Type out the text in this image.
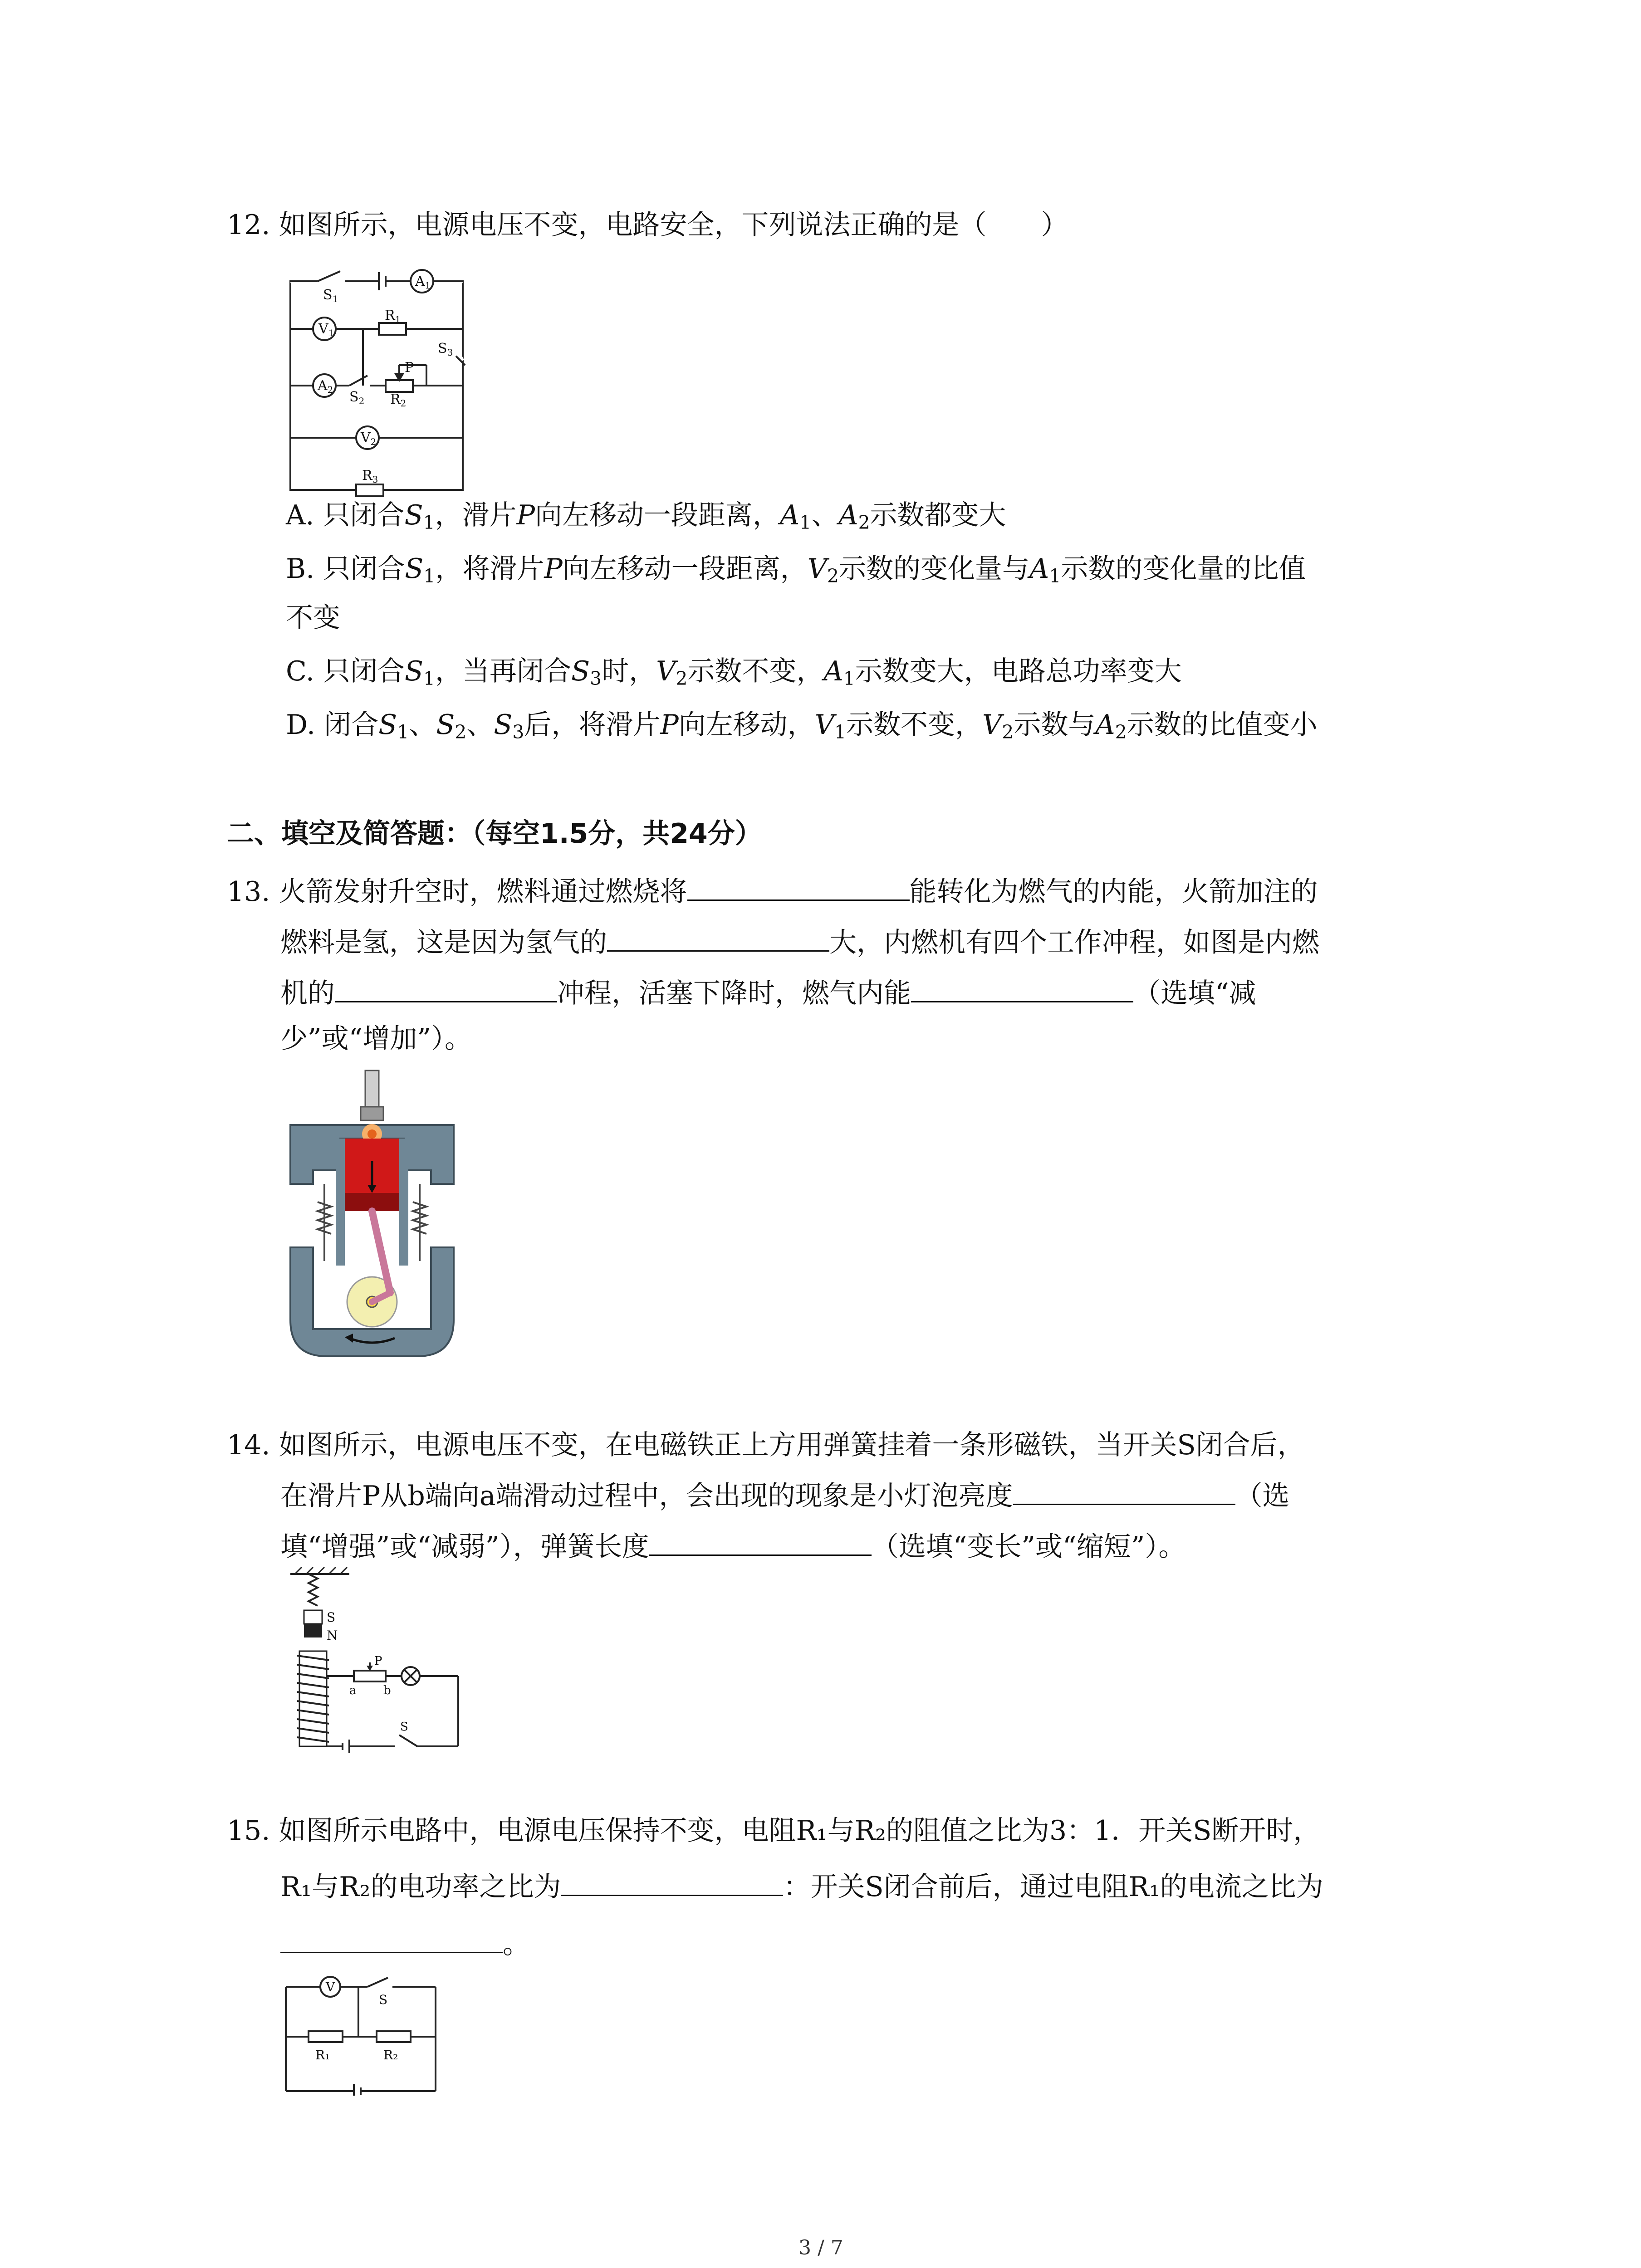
12. 如图所示，电源电压不变，电路安全，下列说法正确的是（　　）
$S_1$
$A_1$
$V_1$
$R_1$
$S_3$
$A_2$ $S_2$ $R_2$
P
$V_2$
$R_3$
A. 只闭合$S_1$，滑片P向左移动一段距离，$A_1$、$A_2$示数都变大
B. 只闭合$S_1$，将滑片P向左移动一段距离，$V_2$示数的变化量与$A_1$示数的变化量的比值
不变
C. 只闭合$S_1$，当再闭合$S_3$时，$V_2$示数不变，$A_1$示数变大，电路总功率变大
D. 闭合$S_1$、$S_2$、$S_3$后，将滑片P向左移动，$V_1$示数不变，$V_2$示数与$A_2$示数的比值变小
二、填空及简答题：（每空1.5分，共24分）
13. 火箭发射升空时，燃料通过燃烧将	能转化为燃气的内能，火箭加注的
燃料是氢，这是因为氢气的	大，内燃机有四个工作冲程，如图是内燃
机的	冲程，活塞下降时，燃气内能	（选填“减
少”或“增加”）。
14. 如图所示，电源电压不变，在电磁铁正上方用弹簧挂着一条形磁铁，当开关S闭合后，
在滑片P从b端向a端滑动过程中，会出现的现象是小灯泡亮度	（选
填“增强”或“减弱”），弹簧长度	（选填“变长”或“缩短”）。
S
N
P
a b
S
15. 如图所示电路中，电源电压保持不变，电阻R₁与R₂的阻值之比为3：1．开关S断开时，
R₁与R₂的电功率之比为	：开关S闭合前后，通过电阻R₁的电流之比为
。
V
S
R₁	R₂
3 / 7
